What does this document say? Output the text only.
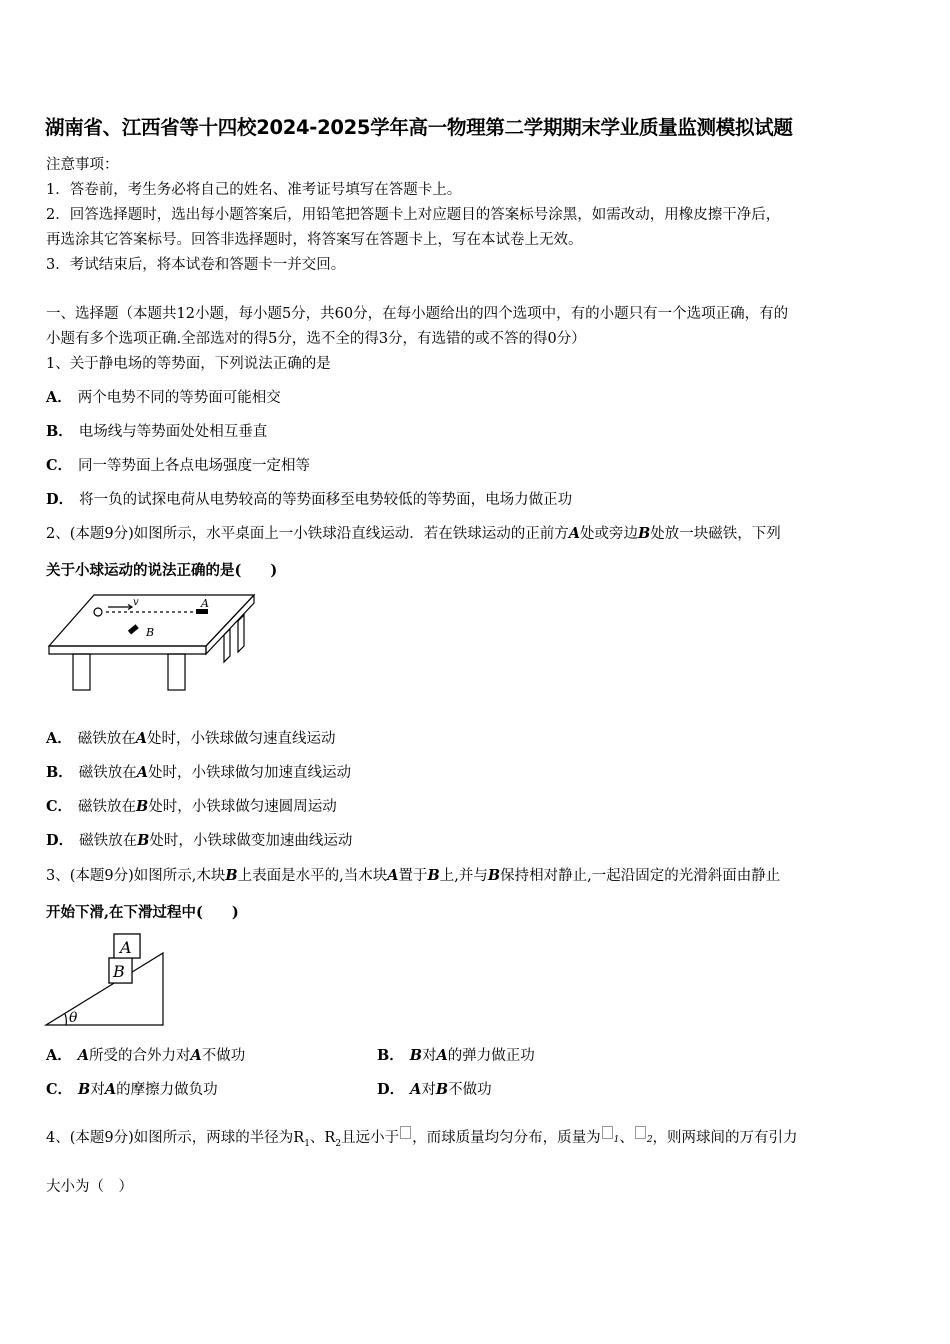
湖南省、江西省等十四校2024-2025学年高一物理第二学期期末学业质量监测模拟试题
注意事项：
1．答卷前，考生务必将自己的姓名、准考证号填写在答题卡上。
2．回答选择题时，选出每小题答案后，用铅笔把答题卡上对应题目的答案标号涂黑，如需改动，用橡皮擦干净后，
再选涂其它答案标号。回答非选择题时，将答案写在答题卡上，写在本试卷上无效。
3．考试结束后，将本试卷和答题卡一并交回。
一、选择题（本题共12小题，每小题5分，共60分，在每小题给出的四个选项中，有的小题只有一个选项正确，有的
小题有多个选项正确.全部选对的得5分，选不全的得3分，有选错的或不答的得0分）
1、关于静电场的等势面，下列说法正确的是
A． 两个电势不同的等势面可能相交
B． 电场线与等势面处处相互垂直
C． 同一等势面上各点电场强度一定相等
D． 将一负的试探电荷从电势较高的等势面移至电势较低的等势面，电场力做正功
2、(本题9分)如图所示，水平桌面上一小铁球沿直线运动．若在铁球运动的正前方A处或旁边B处放一块磁铁，下列
关于小球运动的说法正确的是(　　)
v	A
B
A． 磁铁放在A处时，小铁球做匀速直线运动
B． 磁铁放在A处时，小铁球做匀加速直线运动
C． 磁铁放在B处时，小铁球做匀速圆周运动
D． 磁铁放在B处时，小铁球做变加速曲线运动
3、(本题9分)如图所示,木块B上表面是水平的,当木块A置于B上,并与B保持相对静止,一起沿固定的光滑斜面由静止
开始下滑,在下滑过程中(　　)
A
B
θ
A． A所受的合外力对A不做功	B． B对A的弹力做正功
C． B对A的摩擦力做负功	D． A对B不做功
4、(本题9分)如图所示，两球的半径为$R_1$、$R_2$且远小于 ，而球质量均匀分布，质量为 1、 2，则两球间的万有引力
大小为（　）
